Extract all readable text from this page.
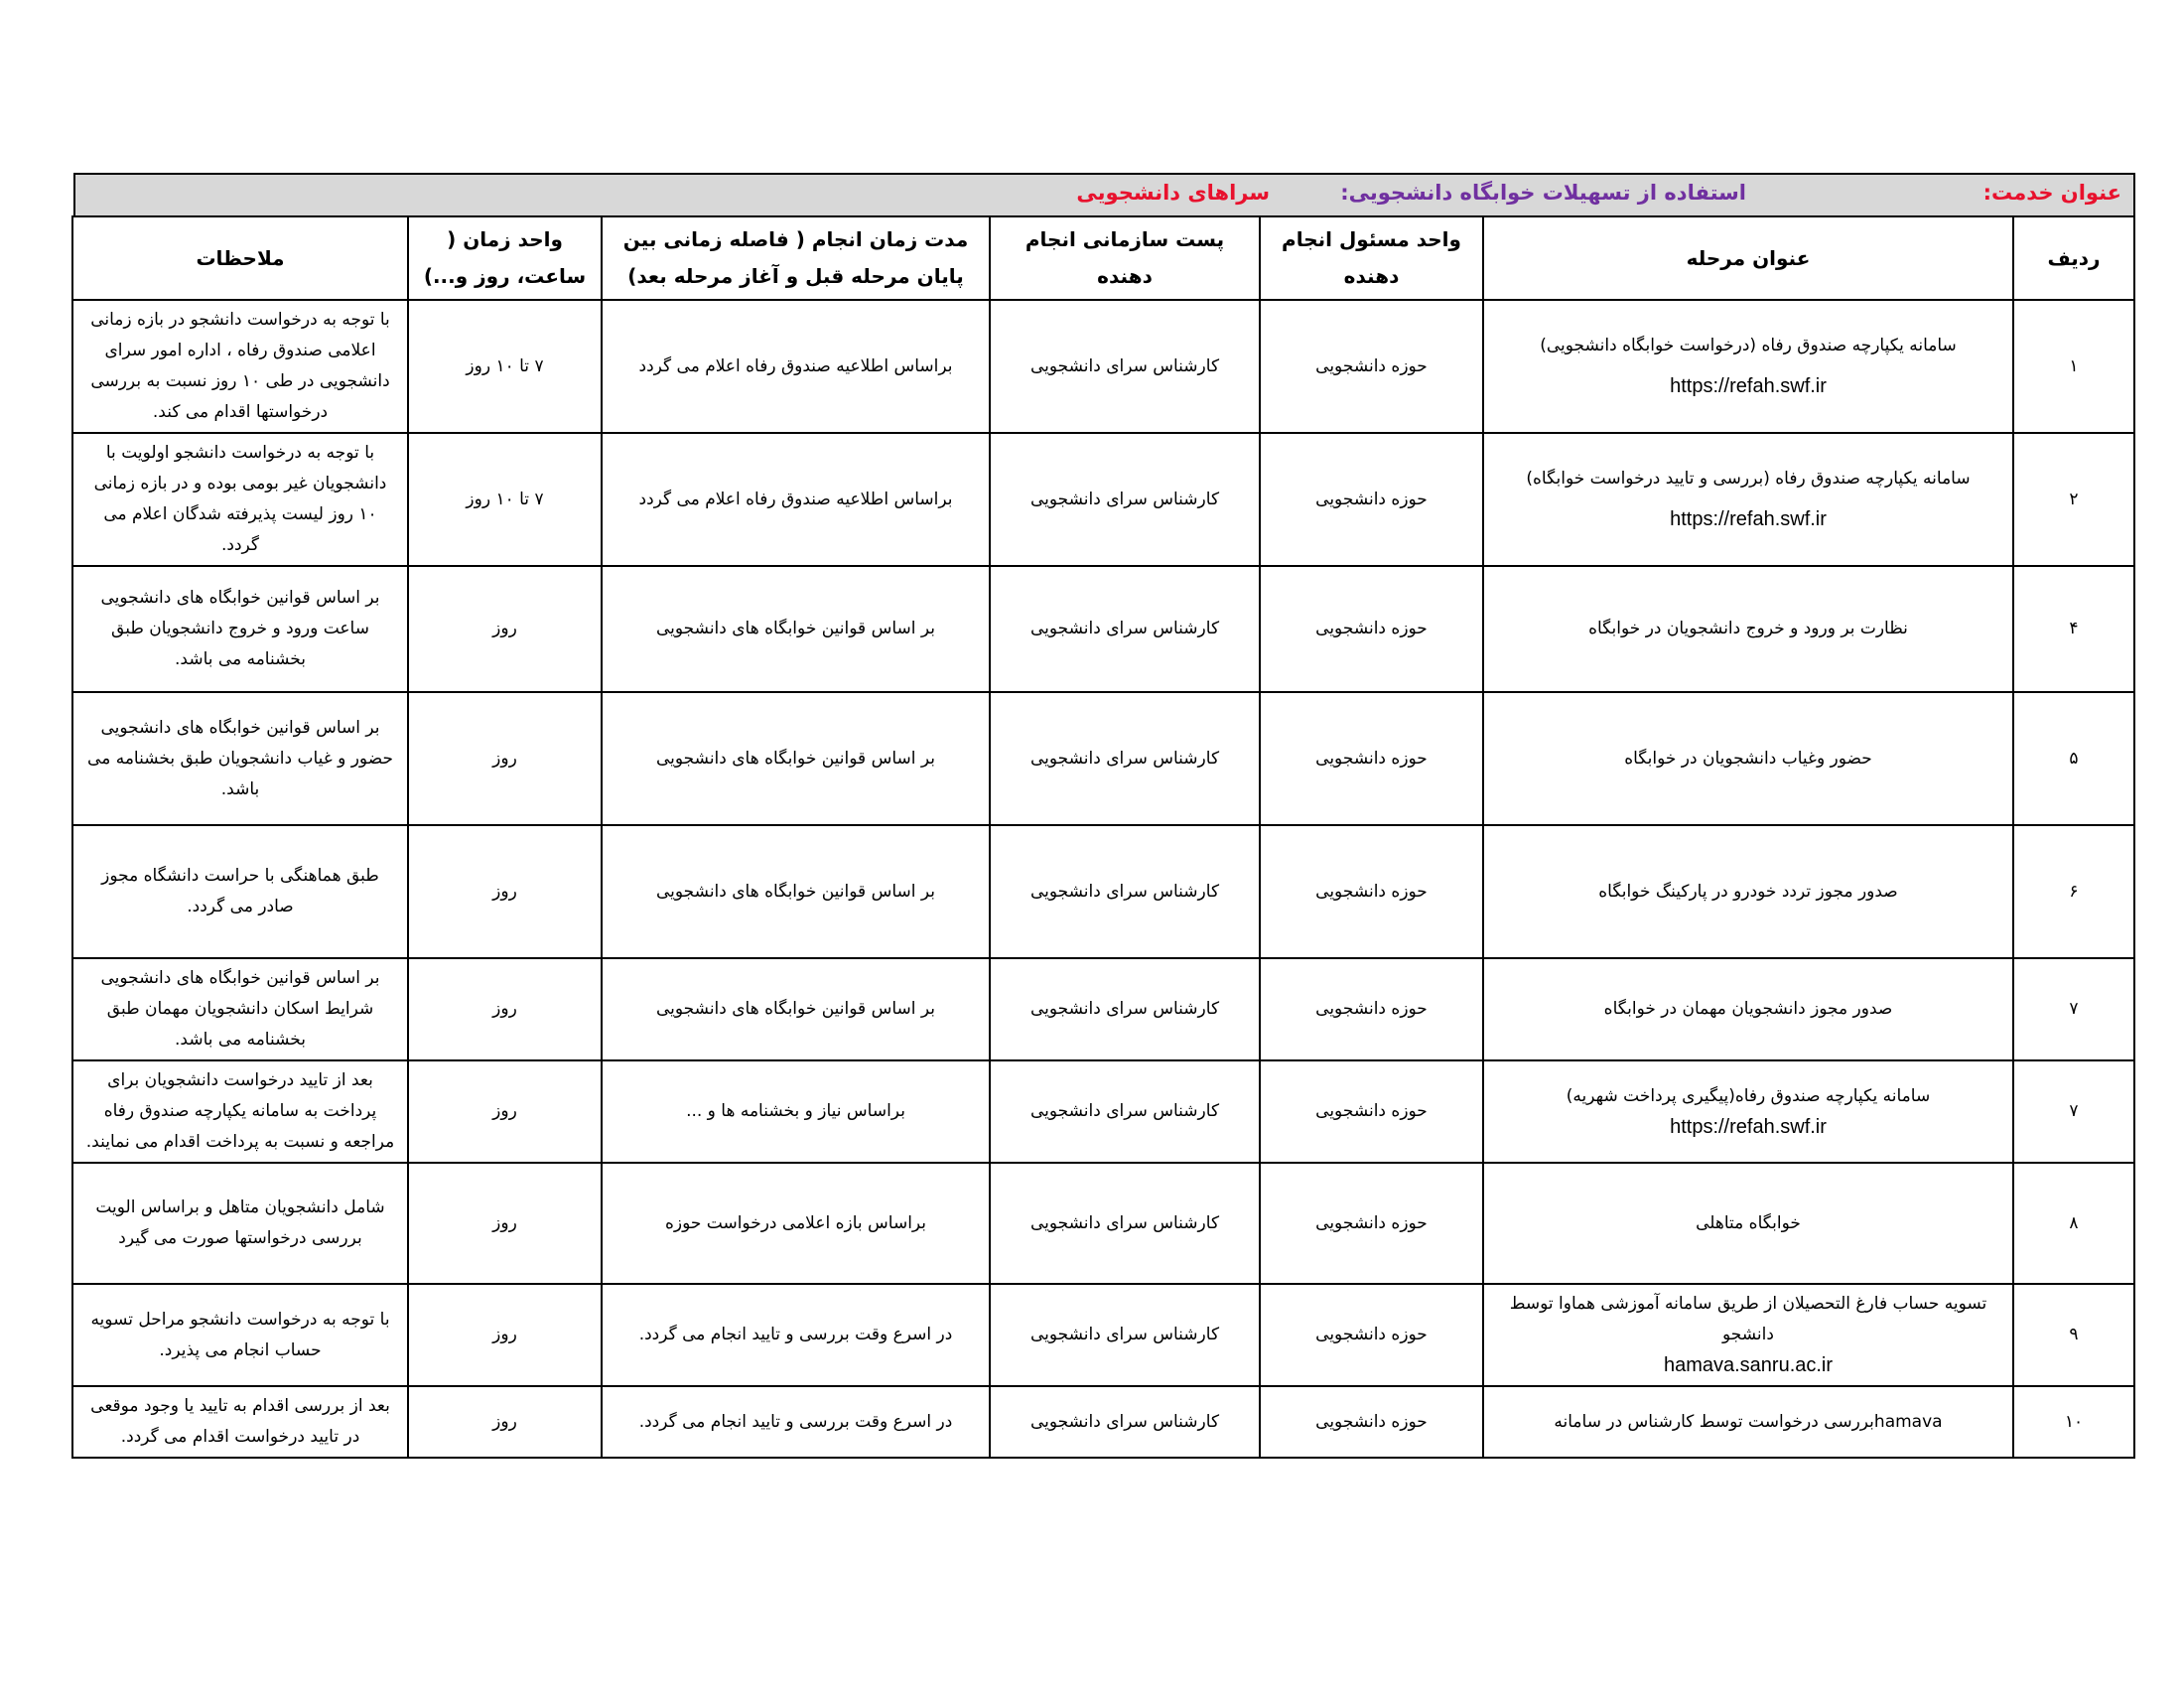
عنوان خدمت:
استفاده از تسهیلات خوابگاه دانشجویی:
سراهای دانشجویی
ردیف	عنوان مرحله	واحد مسئول انجام دهنده	پست سازمانی انجام دهنده	مدت زمان انجام ( فاصله زمانی بین پایان مرحله قبل و آغاز مرحله بعد)	واحد زمان ( ساعت، روز و...)	ملاحظات
۱	سامانه یکپارچه صندوق رفاه (درخواست خوابگاه دانشجویی)
https://refah.swf.ir	حوزه دانشجویی	کارشناس سرای دانشجویی	براساس اطلاعیه صندوق رفاه اعلام می گردد	۷ تا ۱۰ روز	با توجه به درخواست دانشجو در بازه زمانی اعلامی صندوق رفاه ، اداره امور سرای دانشجویی در طی ۱۰ روز نسبت به بررسی درخواستها اقدام می کند.
۲	سامانه یکپارچه صندوق رفاه (بررسی و تایید درخواست خوابگاه)
https://refah.swf.ir	حوزه دانشجویی	کارشناس سرای دانشجویی	براساس اطلاعیه صندوق رفاه اعلام می گردد	۷ تا ۱۰ روز	با توجه به درخواست دانشجو اولویت با دانشجویان غیر بومی بوده و در بازه زمانی ۱۰ روز لیست پذیرفته شدگان اعلام می گردد.
۴	نظارت بر ورود و خروج دانشجویان در خوابگاه	حوزه دانشجویی	کارشناس سرای دانشجویی	بر اساس قوانین خوابگاه های دانشجویی	روز	بر اساس قوانین خوابگاه های دانشجویی ساعت ورود و خروج دانشجویان طبق بخشنامه می باشد.
۵	حضور وغیاب دانشجویان در خوابگاه	حوزه دانشجویی	کارشناس سرای دانشجویی	بر اساس قوانین خوابگاه های دانشجویی	روز	بر اساس قوانین خوابگاه های دانشجویی حضور و غیاب دانشجویان طبق بخشنامه می باشد.
۶	صدور مجوز تردد خودرو در پارکینگ خوابگاه	حوزه دانشجویی	کارشناس سرای دانشجویی	بر اساس قوانین خوابگاه های دانشجویی	روز	طبق هماهنگی با حراست دانشگاه مجوز صادر می گردد.
۷	صدور مجوز دانشجویان مهمان در خوابگاه	حوزه دانشجویی	کارشناس سرای دانشجویی	بر اساس قوانین خوابگاه های دانشجویی	روز	بر اساس قوانین خوابگاه های دانشجویی شرایط اسکان دانشجویان مهمان طبق بخشنامه می باشد.
۷	سامانه یکپارچه صندوق رفاه(پیگیری پرداخت شهریه)
https://refah.swf.ir	حوزه دانشجویی	کارشناس سرای دانشجویی	براساس نیاز و بخشنامه ها و ...	روز	بعد از تایید درخواست دانشجویان برای پرداخت به سامانه یکپارچه صندوق رفاه مراجعه و نسبت به پرداخت اقدام می نمایند.
۸	خوابگاه متاهلی	حوزه دانشجویی	کارشناس سرای دانشجویی	براساس بازه اعلامی درخواست حوزه	روز	شامل دانشجویان متاهل و براساس الویت بررسی درخواستها صورت می گیرد
۹	تسویه حساب فارغ التحصیلان از طریق سامانه آموزشی هماوا توسط دانشجو
hamava.sanru.ac.ir	حوزه دانشجویی	کارشناس سرای دانشجویی	در اسرع وقت بررسی و تایید انجام می گردد.	روز	با توجه به درخواست دانشجو مراحل تسویه حساب انجام می پذیرد.
۱۰	hamavaبررسی درخواست توسط کارشناس در سامانه	حوزه دانشجویی	کارشناس سرای دانشجویی	در اسرع وقت بررسی و تایید انجام می گردد.	روز	بعد از بررسی اقدام به تایید یا وجود موقعی در تایید درخواست اقدام می گردد.
